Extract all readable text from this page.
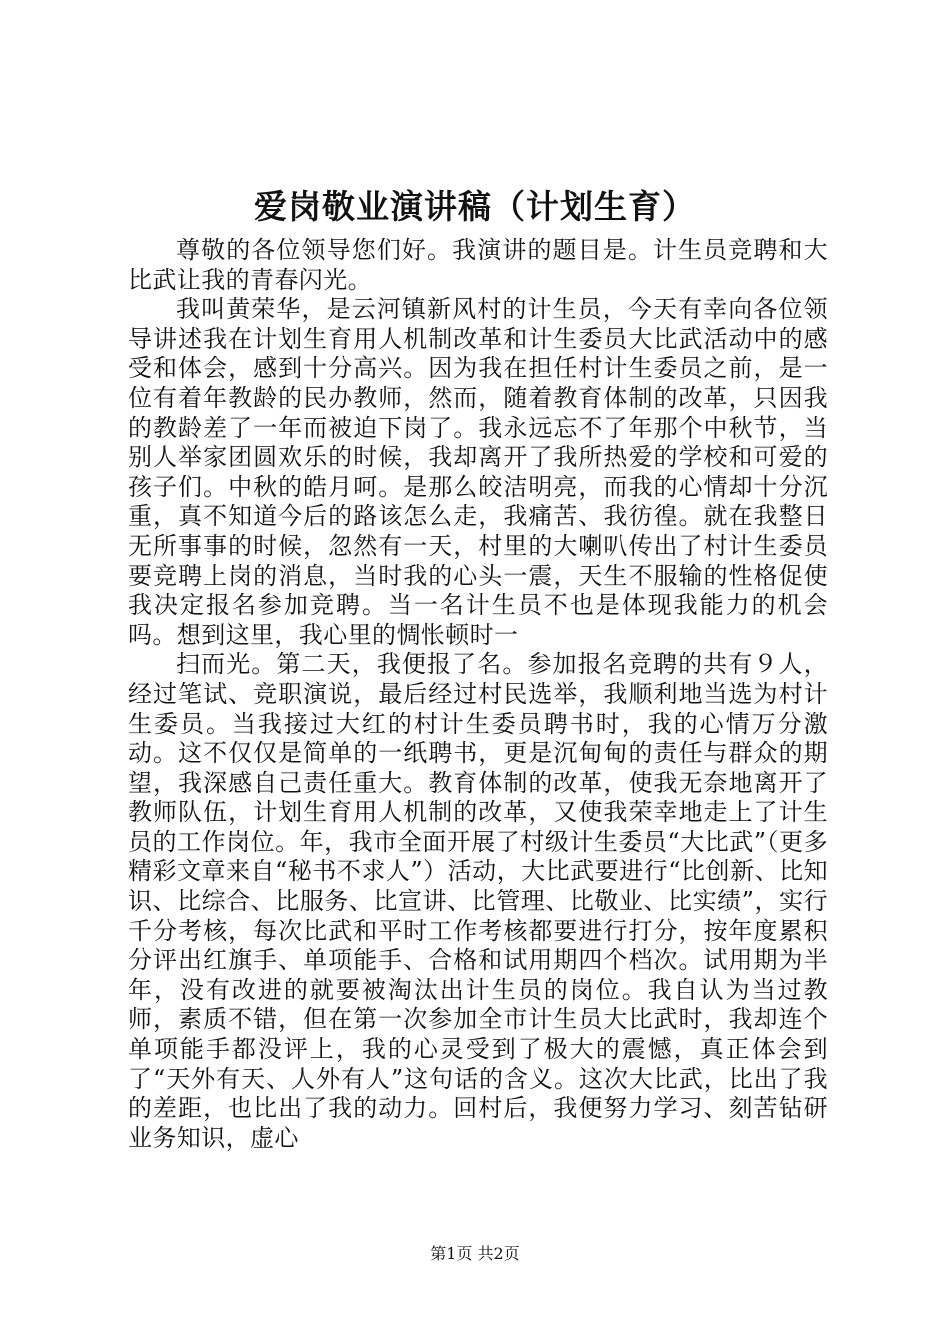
爱岗敬业演讲稿（计划生育）

尊敬的各位领导您们好。我演讲的题目是。计生员竞聘和大比武让我的青春闪光。

我叫黄荣华，是云河镇新风村的计生员，今天有幸向各位领导讲述我在计划生育用人机制改革和计生委员大比武活动中的感受和体会，感到十分高兴。因为我在担任村计生委员之前，是一位有着年教龄的民办教师，然而，随着教育体制的改革，只因我的教龄差了一年而被迫下岗了。我永远忘不了年那个中秋节，当别人举家团圆欢乐的时候，我却离开了我所热爱的学校和可爱的孩子们。中秋的皓月呵。是那么皎洁明亮，而我的心情却十分沉重，真不知道今后的路该怎么走，我痛苦、我彷徨。就在我整日无所事事的时候，忽然有一天，村里的大喇叭传出了村计生委员要竞聘上岗的消息，当时我的心头一震，天生不服输的性格促使我决定报名参加竞聘。当一名计生员不也是体现我能力的机会吗。想到这里，我心里的惆怅顿时一

扫而光。第二天，我便报了名。参加报名竞聘的共有９人，经过笔试、竞职演说，最后经过村民选举，我顺利地当选为村计生委员。当我接过大红的村计生委员聘书时，我的心情万分激动。这不仅仅是简单的一纸聘书，更是沉甸甸的责任与群众的期望，我深感自己责任重大。教育体制的改革，使我无奈地离开了教师队伍，计划生育用人机制的改革，又使我荣幸地走上了计生员的工作岗位。年，我市全面开展了村级计生委员“大比武”（更多精彩文章来自“秘书不求人”）活动，大比武要进行“比创新、比知识、比综合、比服务、比宣讲、比管理、比敬业、比实绩”，实行千分考核，每次比武和平时工作考核都要进行打分，按年度累积分评出红旗手、单项能手、合格和试用期四个档次。试用期为半年，没有改进的就要被淘汰出计生员的岗位。我自认为当过教师，素质不错，但在第一次参加全市计生员大比武时，我却连个单项能手都没评上，我的心灵受到了极大的震憾，真正体会到了“天外有天、人外有人”这句话的含义。这次大比武，比出了我的差距，也比出了我的动力。回村后，我便努力学习、刻苦钻研业务知识，虚心

第1页 共2页
